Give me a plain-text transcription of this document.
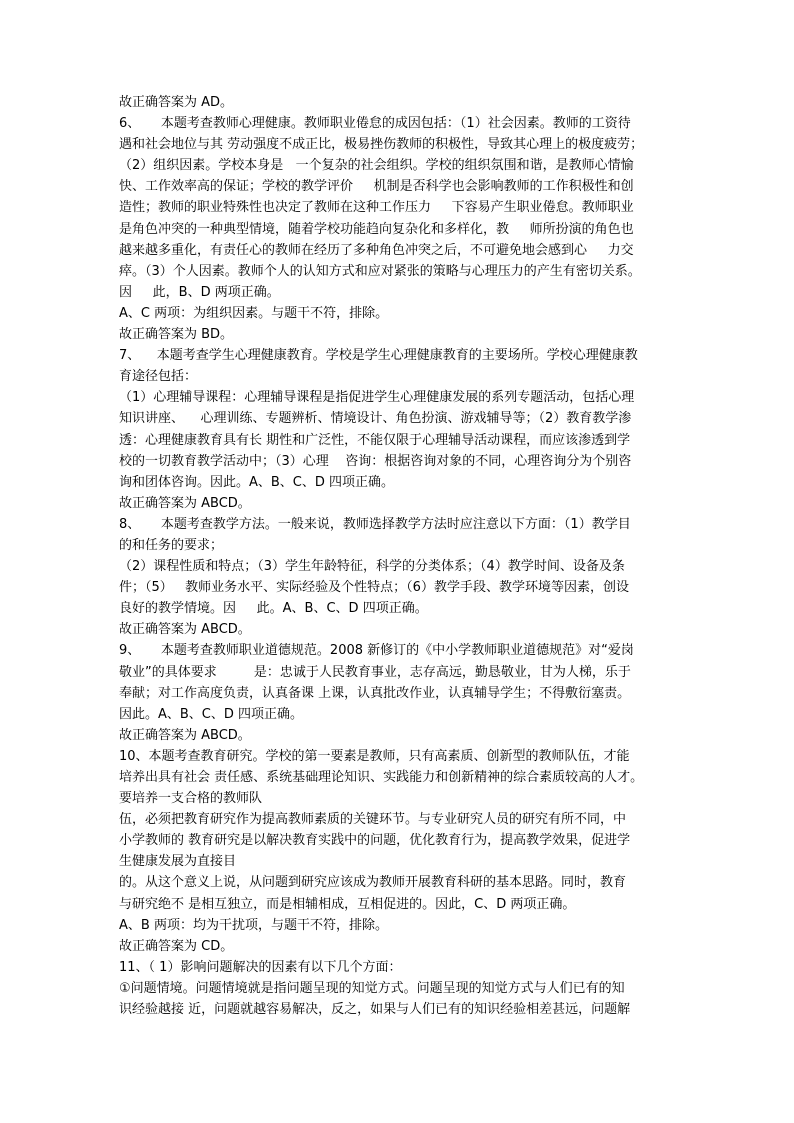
故正确答案为 AD。
6、     本题考查教师心理健康。教师职业倦怠的成因包括：（1）社会因素。教师的工资待
遇和社会地位与其 劳动强度不成正比，极易挫伤教师的积极性，导致其心理上的极度疲劳；
（2）组织因素。学校本身是   一个复杂的社会组织。学校的组织氛围和谐，是教师心情愉
快、工作效率高的保证；学校的教学评价     机制是否科学也会影响教师的工作积极性和创
造性；教师的职业特殊性也决定了教师在这种工作压力     下容易产生职业倦怠。教师职业
是角色冲突的一种典型情境，随着学校功能趋向复杂化和多样化，教     师所扮演的角色也
越来越多重化，有责任心的教师在经历了多种角色冲突之后，不可避免地会感到心     力交
瘁。（3）个人因素。教师个人的认知方式和应对紧张的策略与心理压力的产生有密切关系。
因     此，B、D 两项正确。
A、C 两项：为组织因素。与题干不符，排除。
故正确答案为 BD。
7、    本题考查学生心理健康教育。学校是学生心理健康教育的主要场所。学校心理健康教
育途径包括：
（1）心理辅导课程：心理辅导课程是指促进学生心理健康发展的系列专题活动，包括心理
知识讲座、    心理训练、专题辨析、情境设计、角色扮演、游戏辅导等；（2）教育教学渗
透：心理健康教育具有长 期性和广泛性，不能仅限于心理辅导活动课程，而应该渗透到学
校的一切教育教学活动中；（3）心理    咨询：根据咨询对象的不同，心理咨询分为个别咨
询和团体咨询。因此。A、B、C、D 四项正确。
故正确答案为 ABCD。
8、     本题考查教学方法。一般来说，教师选择教学方法时应注意以下方面：（1）教学目
的和任务的要求；
（2）课程性质和特点；（3）学生年龄特征，科学的分类体系；（4）教学时间、设备及条
件；（5）   教师业务水平、实际经验及个性特点；（6）教学手段、教学环境等因素，创设
良好的教学情境。因     此。A、B、C、D 四项正确。
故正确答案为 ABCD。
9、     本题考查教师职业道德规范。2008 新修订的《中小学教师职业道德规范》对“爱岗
敬业”的具体要求         是：忠诚于人民教育事业，志存高远，勤恳敬业，甘为人梯，乐于
奉献；对工作高度负责，认真备课 上课，认真批改作业，认真辅导学生；不得敷衍塞责。
因此。A、B、C、D 四项正确。
故正确答案为 ABCD。
10、本题考查教育研究。学校的第一要素是教师，只有高素质、创新型的教师队伍，才能
培养出具有社会 责任感、系统基础理论知识、实践能力和创新精神的综合素质较高的人才。
要培养一支合格的教师队
伍，必须把教育研究作为提高教师素质的关键环节。与专业研究人员的研究有所不同，中
小学教师的 教育研究是以解决教育实践中的问题，优化教育行为，提高教学效果，促进学
生健康发展为直接目
的。从这个意义上说，从问题到研究应该成为教师开展教育科研的基本思路。同时，教育
与研究绝不 是相互独立，而是相辅相成，互相促进的。因此，C、D 两项正确。
A、B 两项：均为干扰项，与题干不符，排除。
故正确答案为 CD。
11、（ 1）影响问题解决的因素有以下几个方面：
①问题情境。问题情境就是指问题呈现的知觉方式。问题呈现的知觉方式与人们已有的知
识经验越接 近，问题就越容易解决，反之，如果与人们已有的知识经验相差甚远，问题解
